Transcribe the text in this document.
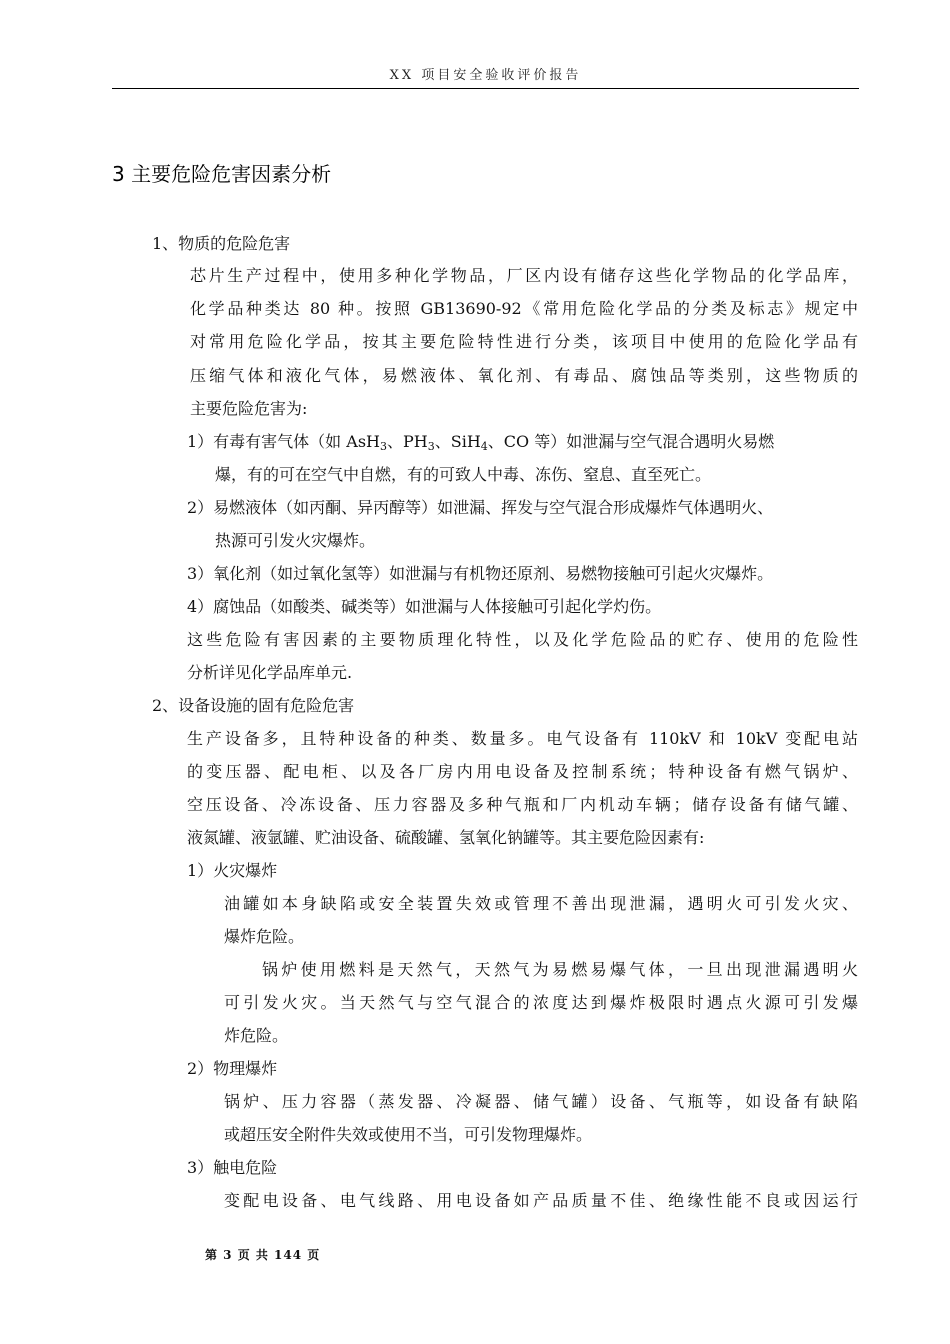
XX 项目安全验收评价报告
3 主要危险危害因素分析
1、物质的危险危害
芯片生产过程中，使用多种化学物品，厂区内设有储存这些化学物品的化学品库，
化学品种类达 80 种。按照 GB13690-92《常用危险化学品的分类及标志》规定中
对常用危险化学品，按其主要危险特性进行分类，该项目中使用的危险化学品有
压缩气体和液化气体，易燃液体、氧化剂、有毒品、腐蚀品等类别，这些物质的
主要危险危害为:
1）有毒有害气体（如 AsH$_3$、$PH_3$、SiH$_4$、CO 等）如泄漏与空气混合遇明火易燃
爆，有的可在空气中自燃，有的可致人中毒、冻伤、窒息、直至死亡。
2）易燃液体（如丙酮、异丙醇等）如泄漏、挥发与空气混合形成爆炸气体遇明火、
热源可引发火灾爆炸。
3）氧化剂（如过氧化氢等）如泄漏与有机物还原剂、易燃物接触可引起火灾爆炸。
4）腐蚀品（如酸类、碱类等）如泄漏与人体接触可引起化学灼伤。
这些危险有害因素的主要物质理化特性，以及化学危险品的贮存、使用的危险性
分析详见化学品库单元.
2、设备设施的固有危险危害
生产设备多，且特种设备的种类、数量多。电气设备有 110kV 和 10kV 变配电站
的变压器、配电柜、以及各厂房内用电设备及控制系统；特种设备有燃气锅炉、
空压设备、冷冻设备、压力容器及多种气瓶和厂内机动车辆；储存设备有储气罐、
液氮罐、液氩罐、贮油设备、硫酸罐、氢氧化钠罐等。其主要危险因素有:
1）火灾爆炸
油罐如本身缺陷或安全装置失效或管理不善出现泄漏，遇明火可引发火灾、
爆炸危险。
锅炉使用燃料是天然气，天然气为易燃易爆气体，一旦出现泄漏遇明火
可引发火灾。当天然气与空气混合的浓度达到爆炸极限时遇点火源可引发爆
炸危险。
2）物理爆炸
锅炉、压力容器（蒸发器、冷凝器、储气罐）设备、气瓶等，如设备有缺陷
或超压安全附件失效或使用不当，可引发物理爆炸。
3）触电危险
变配电设备、电气线路、用电设备如产品质量不佳、绝缘性能不良或因运行
第 3 页 共 144 页
